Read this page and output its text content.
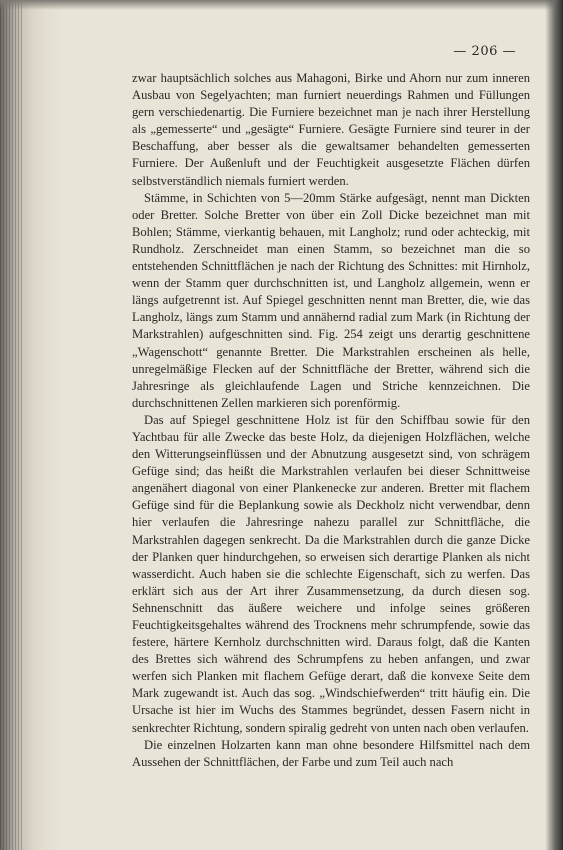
— 206 —

zwar hauptsächlich solches aus Mahagoni, Birke und Ahorn nur zum inneren Ausbau von Segelyachten; man furniert neuerdings Rahmen und Füllungen gern verschiedenartig. Die Furniere bezeichnet man je nach ihrer Herstellung als „gemesserte“ und „gesägte“ Furniere. Gesägte Furniere sind teurer in der Beschaffung, aber besser als die gewaltsamer behandelten gemesserten Furniere. Der Außenluft und der Feuchtigkeit ausgesetzte Flächen dürfen selbstverständlich niemals furniert werden.

Stämme, in Schichten von 5—20mm Stärke aufgesägt, nennt man Dickten oder Bretter. Solche Bretter von über ein Zoll Dicke bezeichnet man mit Bohlen; Stämme, vierkantig behauen, mit Langholz; rund oder achteckig, mit Rundholz. Zerschneidet man einen Stamm, so bezeichnet man die so entstehenden Schnittflächen je nach der Richtung des Schnittes: mit Hirnholz, wenn der Stamm quer durchschnitten ist, und Langholz allgemein, wenn er längs aufgetrennt ist. Auf Spiegel geschnitten nennt man Bretter, die, wie das Langholz, längs zum Stamm und annähernd radial zum Mark (in Richtung der Markstrahlen) aufgeschnitten sind. Fig. 254 zeigt uns derartig geschnittene „Wagenschott“ genannte Bretter. Die Markstrahlen erscheinen als helle, unregelmäßige Flecken auf der Schnittfläche der Bretter, während sich die Jahresringe als gleichlaufende Lagen und Striche kennzeichnen. Die durchschnittenen Zellen markieren sich porenförmig.

Das auf Spiegel geschnittene Holz ist für den Schiffbau sowie für den Yachtbau für alle Zwecke das beste Holz, da diejenigen Holzflächen, welche den Witterungseinflüssen und der Abnutzung ausgesetzt sind, von schrägem Gefüge sind; das heißt die Markstrahlen verlaufen bei dieser Schnittweise angenähert diagonal von einer Plankenecke zur anderen. Bretter mit flachem Gefüge sind für die Beplankung sowie als Deckholz nicht verwendbar, denn hier verlaufen die Jahresringe nahezu parallel zur Schnittfläche, die Markstrahlen dagegen senkrecht. Da die Markstrahlen durch die ganze Dicke der Planken quer hindurchgehen, so erweisen sich derartige Planken als nicht wasserdicht. Auch haben sie die schlechte Eigenschaft, sich zu werfen. Das erklärt sich aus der Art ihrer Zusammensetzung, da durch diesen sog. Sehnenschnitt das äußere weichere und infolge seines größeren Feuchtigkeitsgehaltes während des Trocknens mehr schrumpfende, sowie das festere, härtere Kernholz durchschnitten wird. Daraus folgt, daß die Kanten des Brettes sich während des Schrumpfens zu heben anfangen, und zwar werfen sich Planken mit flachem Gefüge derart, daß die konvexe Seite dem Mark zugewandt ist. Auch das sog. „Windschiefwerden“ tritt häufig ein. Die Ursache ist hier im Wuchs des Stammes begründet, dessen Fasern nicht in senkrechter Richtung, sondern spiralig gedreht von unten nach oben verlaufen.

Die einzelnen Holzarten kann man ohne besondere Hilfsmittel nach dem Aussehen der Schnittflächen, der Farbe und zum Teil auch nach
